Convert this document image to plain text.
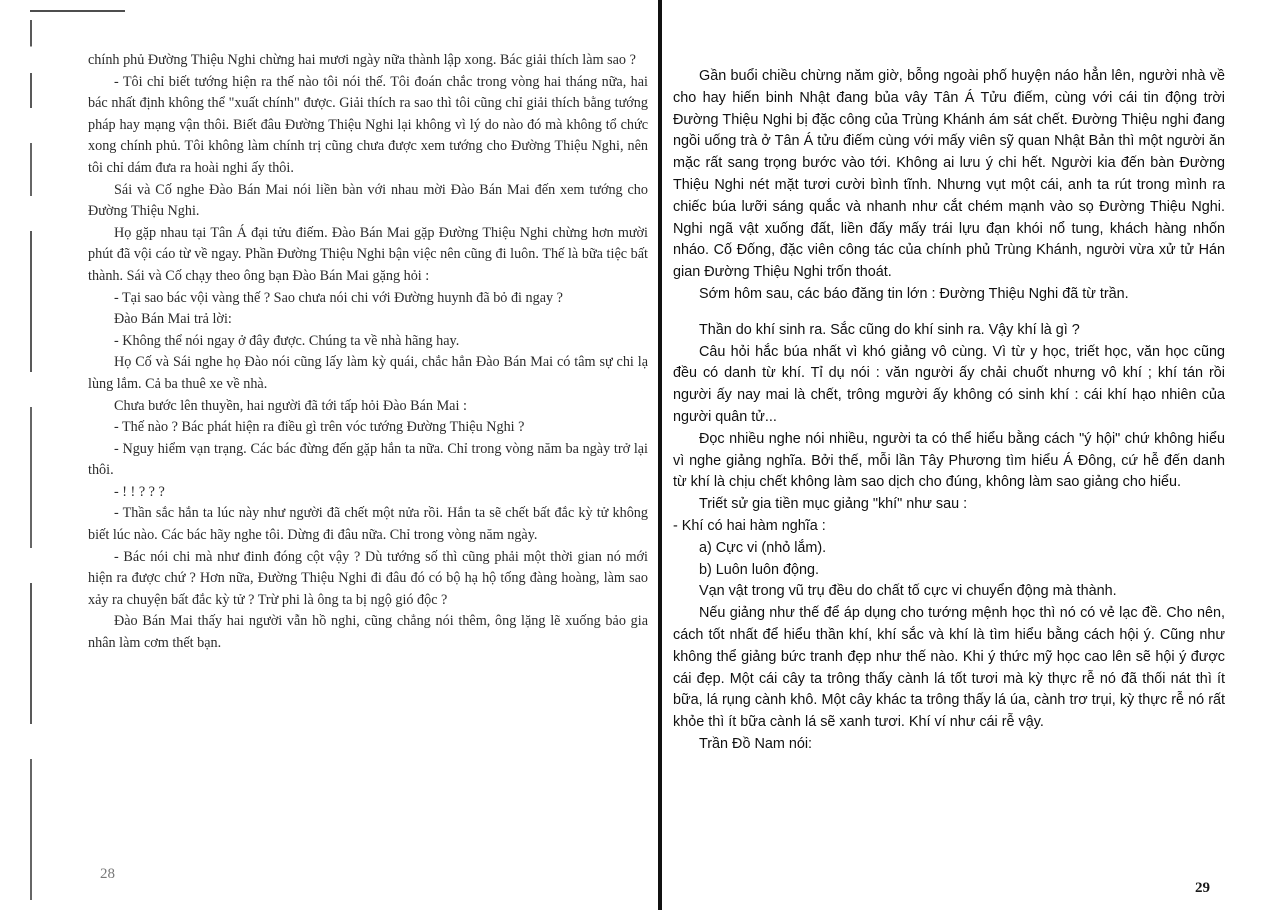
chính phủ Đường Thiệu Nghi chừng hai mươi ngày nữa thành lập xong. Bác giải thích làm sao ?

- Tôi chỉ biết tướng hiện ra thế nào tôi nói thế. Tôi đoán chắc trong vòng hai tháng nữa, hai bác nhất định không thể "xuất chính" được. Giải thích ra sao thì tôi cũng chỉ giải thích bằng tướng pháp hay mạng vận thôi. Biết đâu Đường Thiệu Nghi lại không vì lý do nào đó mà không tổ chức xong chính phủ. Tôi không làm chính trị cũng chưa được xem tướng cho Đường Thiệu Nghi, nên tôi chỉ dám đưa ra hoài nghi ấy thôi.

Sái và Cố nghe Đào Bán Mai nói liền bàn với nhau mời Đào Bán Mai đến xem tướng cho Đường Thiệu Nghi.

Họ gặp nhau tại Tân Á đại tửu điếm. Đào Bán Mai gặp Đường Thiệu Nghi chừng hơn mười phút đã vội cáo từ về ngay. Phần Đường Thiệu Nghi bận việc nên cũng đi luôn. Thế là bữa tiệc bất thành. Sái và Cố chạy theo ông bạn Đào Bán Mai gặng hỏi :

- Tại sao bác vội vàng thế ? Sao chưa nói chi với Đường huynh đã bỏ đi ngay ?

Đào Bán Mai trả lời:

- Không thể nói ngay ở đây được. Chúng ta về nhà hãng hay.

Họ Cố và Sái nghe họ Đào nói cũng lấy làm kỳ quái, chắc hẳn Đào Bán Mai có tâm sự chi lạ lùng lắm. Cả ba thuê xe về nhà.

Chưa bước lên thuyền, hai người đã tới tấp hỏi Đào Bán Mai :

- Thế nào ? Bác phát hiện ra điều gì trên vóc tướng Đường Thiệu Nghi ?

- Nguy hiểm vạn trạng. Các bác đừng đến gặp hắn ta nữa. Chỉ trong vòng năm ba ngày trở lại thôi.

- ! ! ? ? ?

- Thần sắc hắn ta lúc này như người đã chết một nửa rồi. Hắn ta sẽ chết bất đắc kỳ tử không biết lúc nào. Các bác hãy nghe tôi. Dừng đi đâu nữa. Chỉ trong vòng năm ngày.

- Bác nói chi mà như đinh đóng cột vậy ? Dù tướng số thì cũng phải một thời gian nó mới hiện ra được chứ ? Hơn nữa, Đường Thiệu Nghi đi đâu đó có bộ hạ hộ tống đàng hoàng, làm sao xảy ra chuyện bất đắc kỳ tử ? Trừ phi là ông ta bị ngộ gió độc ?

Đào Bán Mai thấy hai người vẫn hồ nghi, cũng chẳng nói thêm, ông lặng lẽ xuống bảo gia nhân làm cơm thết bạn.

28

Gần buổi chiều chừng năm giờ, bỗng ngoài phố huyện náo hẳn lên, người nhà về cho hay hiến binh Nhật đang bủa vây Tân Á Tửu điếm, cùng với cái tin động trời Đường Thiệu Nghi bị đặc công của Trùng Khánh ám sát chết. Đường Thiệu nghi đang ngồi uống trà ở Tân Á tửu điếm cùng với mấy viên sỹ quan Nhật Bản thì một người ăn mặc rất sang trọng bước vào tới. Không ai lưu ý chi hết. Người kia đến bàn Đường Thiệu Nghi nét mặt tươi cười bình tĩnh. Nhưng vụt một cái, anh ta rút trong mình ra chiếc búa lưỡi sáng quắc và nhanh như cắt chém mạnh vào sọ Đường Thiệu Nghi. Nghi ngã vật xuống đất, liền đấy mấy trái lựu đạn khói nổ tung, khách hàng nhốn nháo. Cố Đống, đặc viên công tác của chính phủ Trùng Khánh, người vừa xử tử Hán gian Đường Thiệu Nghi trốn thoát.

Sớm hôm sau, các báo đăng tin lớn : Đường Thiệu Nghi đã từ trần.

Thần do khí sinh ra. Sắc cũng do khí sinh ra. Vậy khí là gì ?

Câu hỏi hắc búa nhất vì khó giảng vô cùng. Vì từ y học, triết học, văn học cũng đều có danh từ khí. Tỉ dụ nói : văn người ấy chải chuốt nhưng vô khí ; khí tán rồi người ấy nay mai là chết, trông mgười ấy không có sinh khí : cái khí hạo nhiên của người quân tử...

Đọc nhiều nghe nói nhiều, người ta có thể hiểu bằng cách "ý hội" chứ không hiểu vì nghe giảng nghĩa. Bởi thế, mỗi lần Tây Phương tìm hiểu Á Đông, cứ hễ đến danh từ khí là chịu chết không làm sao dịch cho đúng, không làm sao giảng cho hiểu.

Triết sử gia tiền mục giảng "khí" như sau :

- Khí có hai hàm nghĩa :

a) Cực vi (nhỏ lắm).

b) Luôn luôn động.

Vạn vật trong vũ trụ đều do chất tố cực vi chuyển động mà thành.

Nếu giảng như thế để áp dụng cho tướng mệnh học thì nó có vẻ lạc đề. Cho nên, cách tốt nhất để hiểu thần khí, khí sắc và khí là tìm hiểu bằng cách hội ý. Cũng như không thể giảng bức tranh đẹp như thế nào. Khi ý thức mỹ học cao lên sẽ hội ý được cái đẹp. Một cái cây ta trông thấy cành lá tốt tươi mà kỳ thực rễ nó đã thối nát thì ít bữa, lá rụng cành khô. Một cây khác ta trông thấy lá úa, cành trơ trụi, kỳ thực rễ nó rất khỏe thì ít bữa cành lá sẽ xanh tươi. Khí ví như cái rễ vậy.

Trần Đồ Nam nói:

29
